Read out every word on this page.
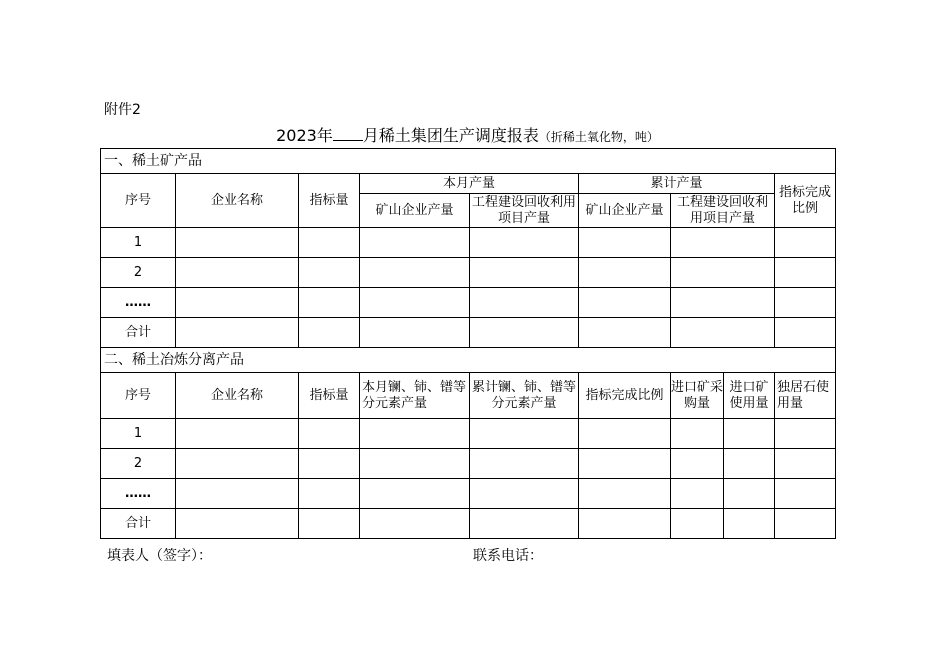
附件2
2023年 月稀土集团生产调度报表（折稀土氧化物，吨）
一、稀土矿产品								
序号	企业名称	指标量	本月产量		累计产量			指标完成比例
			矿山企业产量	工程建设回收利用项目产量	矿山企业产量	工程建设回收利用项目产量		
1								
2								
……								
合计								
二、稀土冶炼分离产品								
序号	企业名称	指标量	本月镧、铈、镨等分元素产量	累计镧、铈、镨等分元素产量	指标完成比例	进口矿采购量	进口矿使用量	独居石使用量
1								
2								
……								
合计								
填表人（签字）：	联系电话：
